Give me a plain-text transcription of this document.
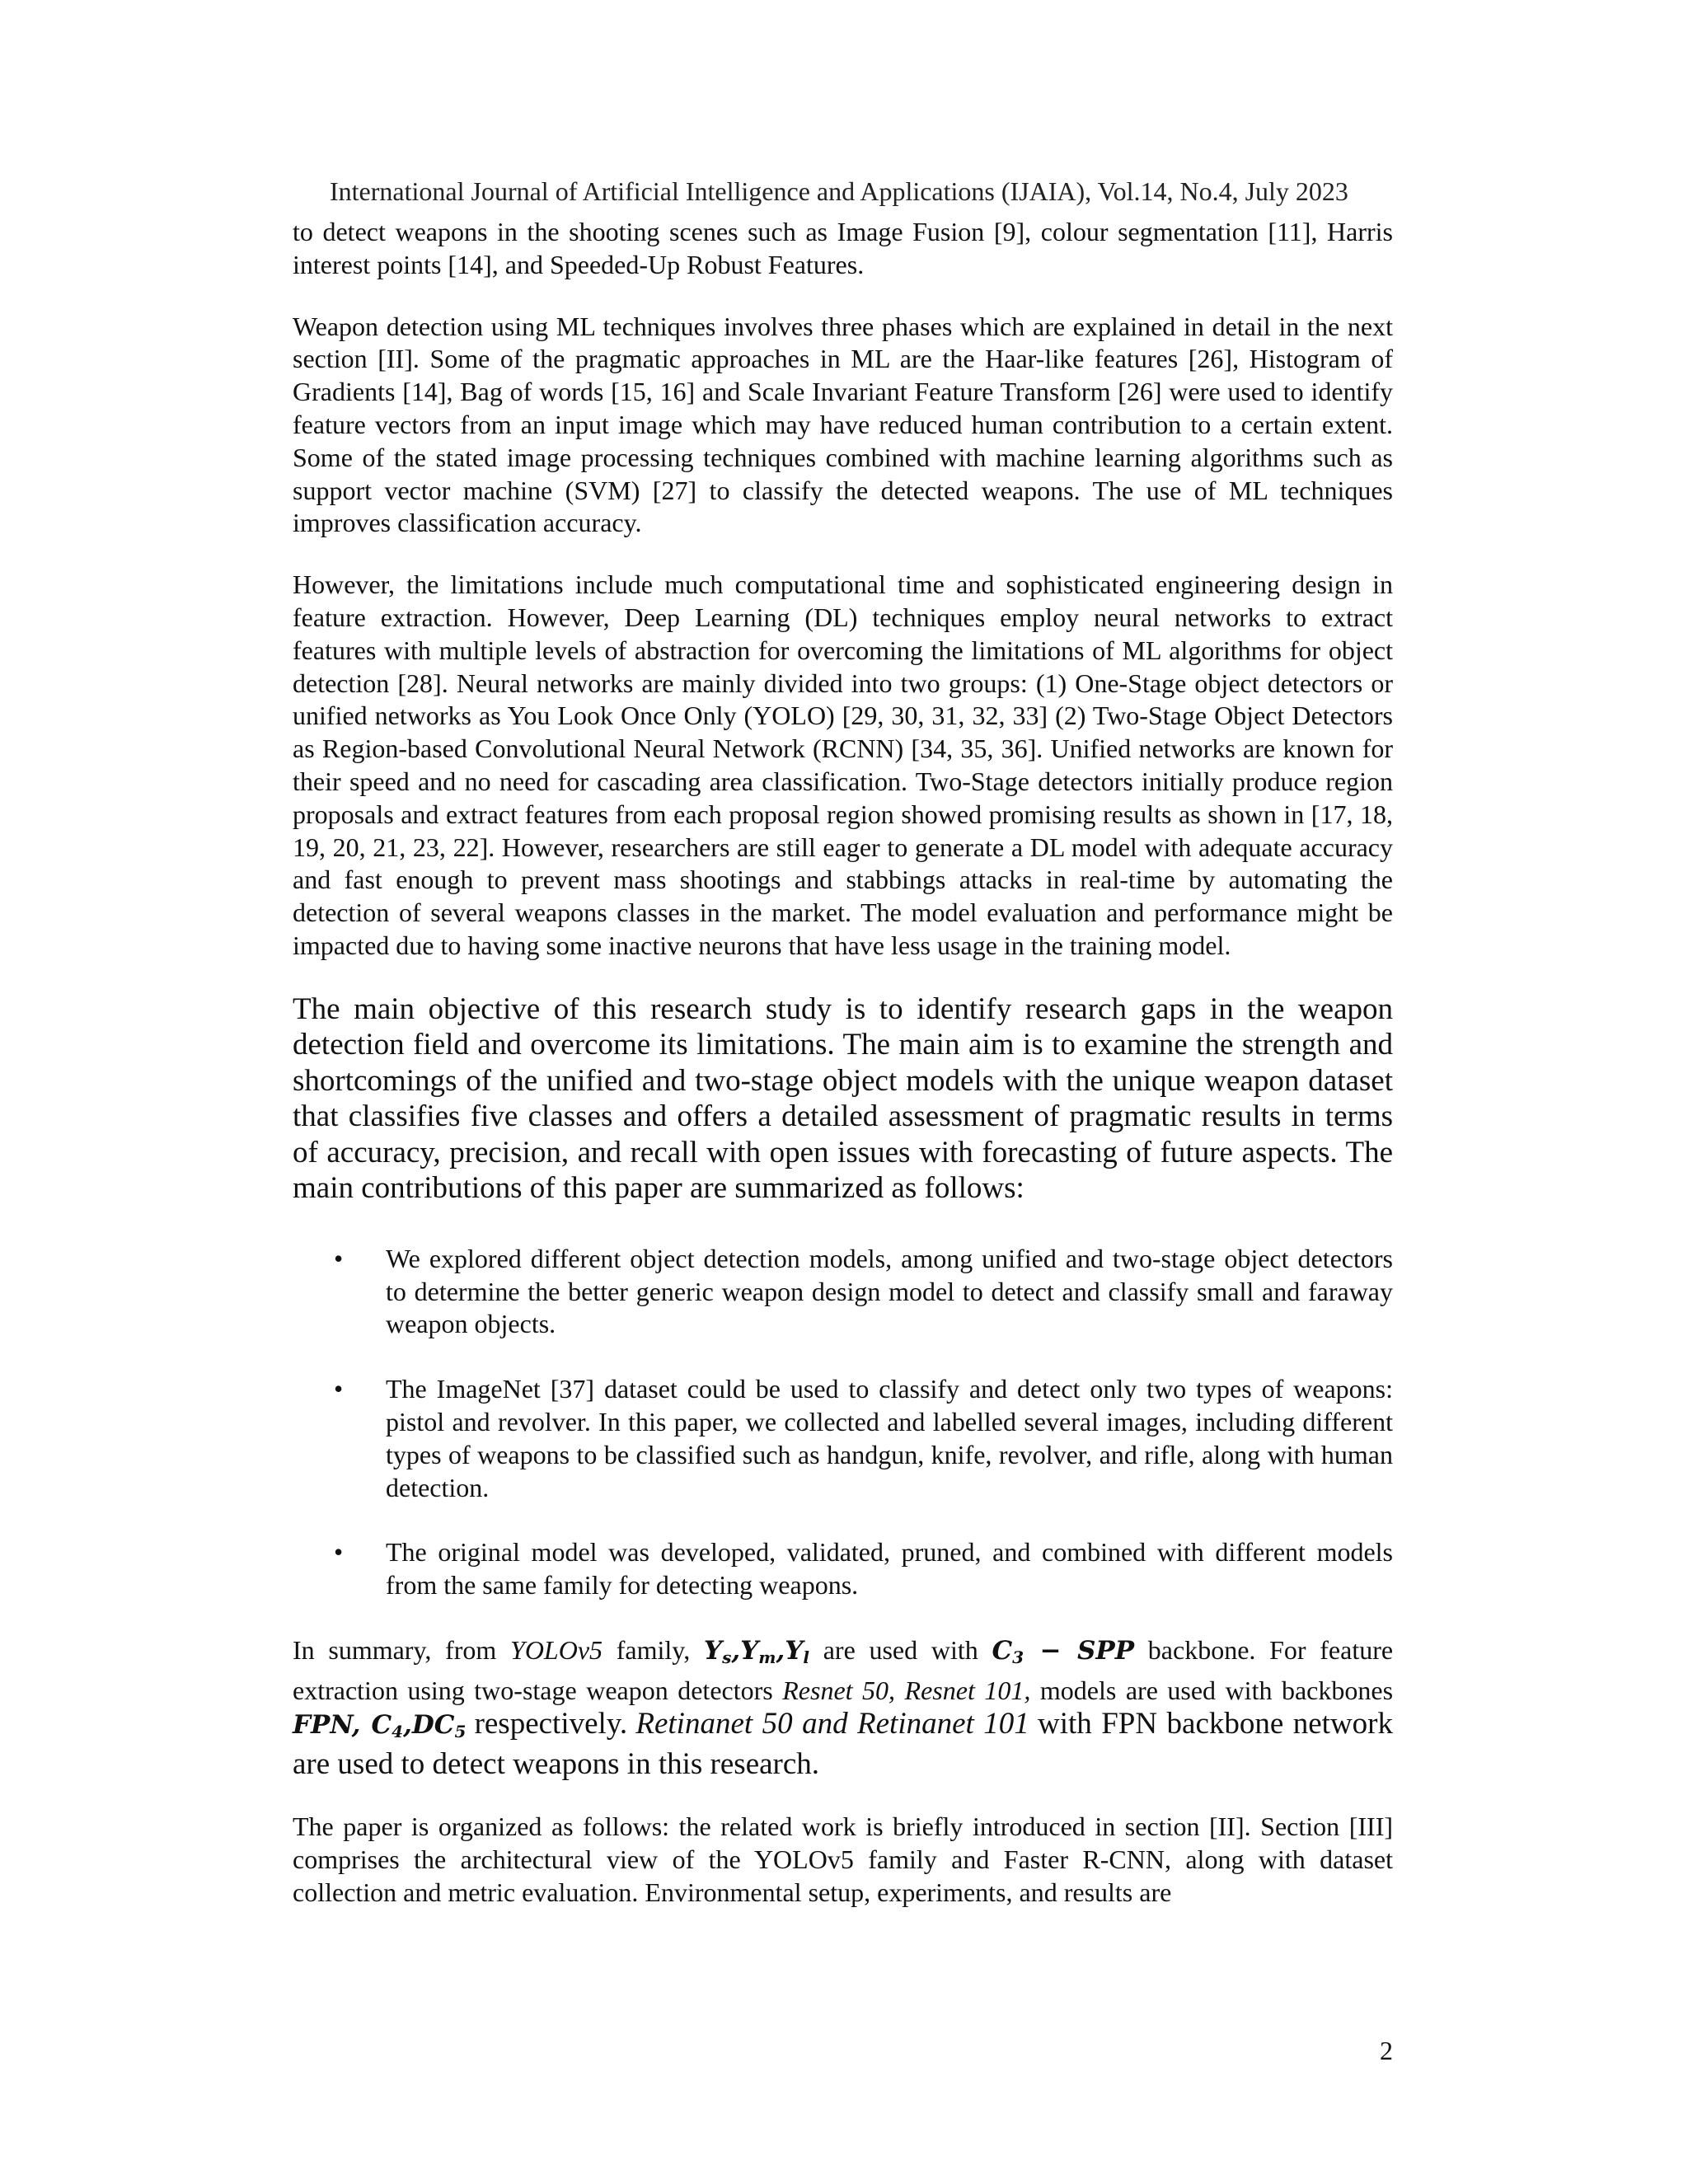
International Journal of Artificial Intelligence and Applications (IJAIA), Vol.14, No.4, July 2023

to detect weapons in the shooting scenes such as Image Fusion [9], colour segmentation [11], Harris interest points [14], and Speeded-Up Robust Features.

Weapon detection using ML techniques involves three phases which are explained in detail in the next section [II]. Some of the pragmatic approaches in ML are the Haar-like features [26], Histogram of Gradients [14], Bag of words [15, 16] and Scale Invariant Feature Transform [26] were used to identify feature vectors from an input image which may have reduced human contribution to a certain extent. Some of the stated image processing techniques combined with machine learning algorithms such as support vector machine (SVM) [27] to classify the detected weapons. The use of ML techniques improves classification accuracy.

However, the limitations include much computational time and sophisticated engineering design in feature extraction. However, Deep Learning (DL) techniques employ neural networks to extract features with multiple levels of abstraction for overcoming the limitations of ML algorithms for object detection [28]. Neural networks are mainly divided into two groups: (1) One-Stage object detectors or unified networks as You Look Once Only (YOLO) [29, 30, 31, 32, 33] (2) Two-Stage Object Detectors as Region-based Convolutional Neural Network (RCNN) [34, 35, 36]. Unified networks are known for their speed and no need for cascading area classification. Two-Stage detectors initially produce region proposals and extract features from each proposal region showed promising results as shown in [17, 18, 19, 20, 21, 23, 22]. However, researchers are still eager to generate a DL model with adequate accuracy and fast enough to prevent mass shootings and stabbings attacks in real-time by automating the detection of several weapons classes in the market. The model evaluation and performance might be impacted due to having some inactive neurons that have less usage in the training model.

The main objective of this research study is to identify research gaps in the weapon detection field and overcome its limitations. The main aim is to examine the strength and shortcomings of the unified and two-stage object models with the unique weapon dataset that classifies five classes and offers a detailed assessment of pragmatic results in terms of accuracy, precision, and recall with open issues with forecasting of future aspects. The main contributions of this paper are summarized as follows:

• We explored different object detection models, among unified and two-stage object detectors to determine the better generic weapon design model to detect and classify small and faraway weapon objects.
• The ImageNet [37] dataset could be used to classify and detect only two types of weapons: pistol and revolver. In this paper, we collected and labelled several images, including different types of weapons to be classified such as handgun, knife, revolver, and rifle, along with human detection.
• The original model was developed, validated, pruned, and combined with different models from the same family for detecting weapons.

In summary, from YOLOv5 family, $Y_s,Y_m,Y_l$ are used with $C_3$ − SPP backbone. For feature extraction using two-stage weapon detectors Resnet 50, Resnet 101, models are used with backbones FPN, $C_4,DC_5$ respectively. Retinanet 50 and Retinanet 101 with FPN backbone network are used to detect weapons in this research.

The paper is organized as follows: the related work is briefly introduced in section [II]. Section [III] comprises the architectural view of the YOLOv5 family and Faster R-CNN, along with dataset collection and metric evaluation. Environmental setup, experiments, and results are

2
